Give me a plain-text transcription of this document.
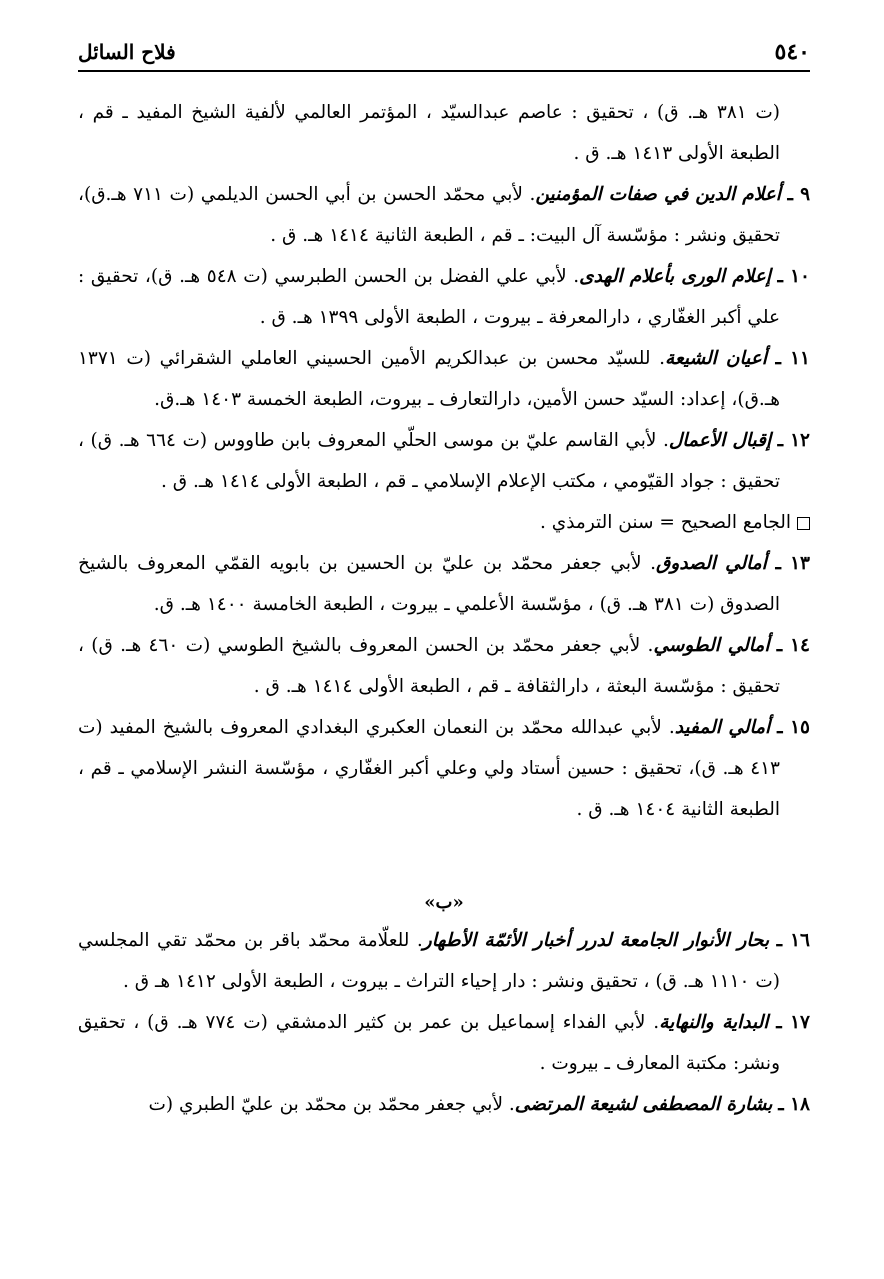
٥٤٠
فلاح السائل
(ت ٣٨١ هـ. ق) ، تحقيق : عاصم عبدالسيّد ، المؤتمر العالمي لألفية الشيخ المفيد ـ قم ، الطبعة الأولى ١٤١٣ هـ. ق .
٩ ـ أعلام الدين في صفات المؤمنين. لأبي محمّد الحسن بن أبي الحسن الديلمي (ت ٧١١ هـ.ق)، تحقيق ونشر : مؤسّسة آل البيت: ـ قم ، الطبعة الثانية ١٤١٤ هـ. ق .
١٠ ـ إعلام الورى بأعلام الهدى. لأبي علي الفضل بن الحسن الطبرسي (ت ٥٤٨ هـ. ق)، تحقيق : علي أكبر الغفّاري ، دارالمعرفة ـ بيروت ، الطبعة الأولى ١٣٩٩ هـ. ق .
١١ ـ أعيان الشيعة. للسيّد محسن بن عبدالكريم الأمين الحسيني العاملي الشقرائي (ت ١٣٧١ هـ.ق)، إعداد: السيّد حسن الأمين، دارالتعارف ـ بيروت، الطبعة الخمسة ١٤٠٣ هـ.ق.
١٢ ـ إقبال الأعمال. لأبي القاسم عليّ بن موسى الحلّي المعروف بابن طاووس (ت ٦٦٤ هـ. ق) ، تحقيق : جواد القيّومي ، مكتب الإعلام الإسلامي ـ قم ، الطبعة الأولى ١٤١٤ هـ. ق .
الجامع الصحيح = سنن الترمذي .
١٣ ـ أمالي الصدوق. لأبي جعفر محمّد بن عليّ بن الحسين بن بابويه القمّي المعروف بالشيخ الصدوق (ت ٣٨١ هـ. ق) ، مؤسّسة الأعلمي ـ بيروت ، الطبعة الخامسة ١٤٠٠ هـ. ق.
١٤ ـ أمالي الطوسي. لأبي جعفر محمّد بن الحسن المعروف بالشيخ الطوسي (ت ٤٦٠ هـ. ق) ، تحقيق : مؤسّسة البعثة ، دارالثقافة ـ قم ، الطبعة الأولى ١٤١٤ هـ. ق .
١٥ ـ أمالي المفيد. لأبي عبدالله محمّد بن النعمان العكبري البغدادي المعروف بالشيخ المفيد (ت ٤١٣ هـ. ق)، تحقيق : حسين أستاد ولي وعلي أكبر الغفّاري ، مؤسّسة النشر الإسلامي ـ قم ، الطبعة الثانية ١٤٠٤ هـ. ق .
«ب»
١٦ ـ بحار الأنوار الجامعة لدرر أخبار الأئمّة الأطهار. للعلّامة محمّد باقر بن محمّد تقي المجلسي (ت ١١١٠ هـ. ق) ، تحقيق ونشر : دار إحياء التراث ـ بيروت ، الطبعة الأولى ١٤١٢ هـ ق .
١٧ ـ البداية والنهاية. لأبي الفداء إسماعيل بن عمر بن كثير الدمشقي (ت ٧٧٤ هـ. ق) ، تحقيق ونشر: مكتبة المعارف ـ بيروت .
١٨ ـ بشارة المصطفى لشيعة المرتضى. لأبي جعفر محمّد بن محمّد بن عليّ الطبري (ت
